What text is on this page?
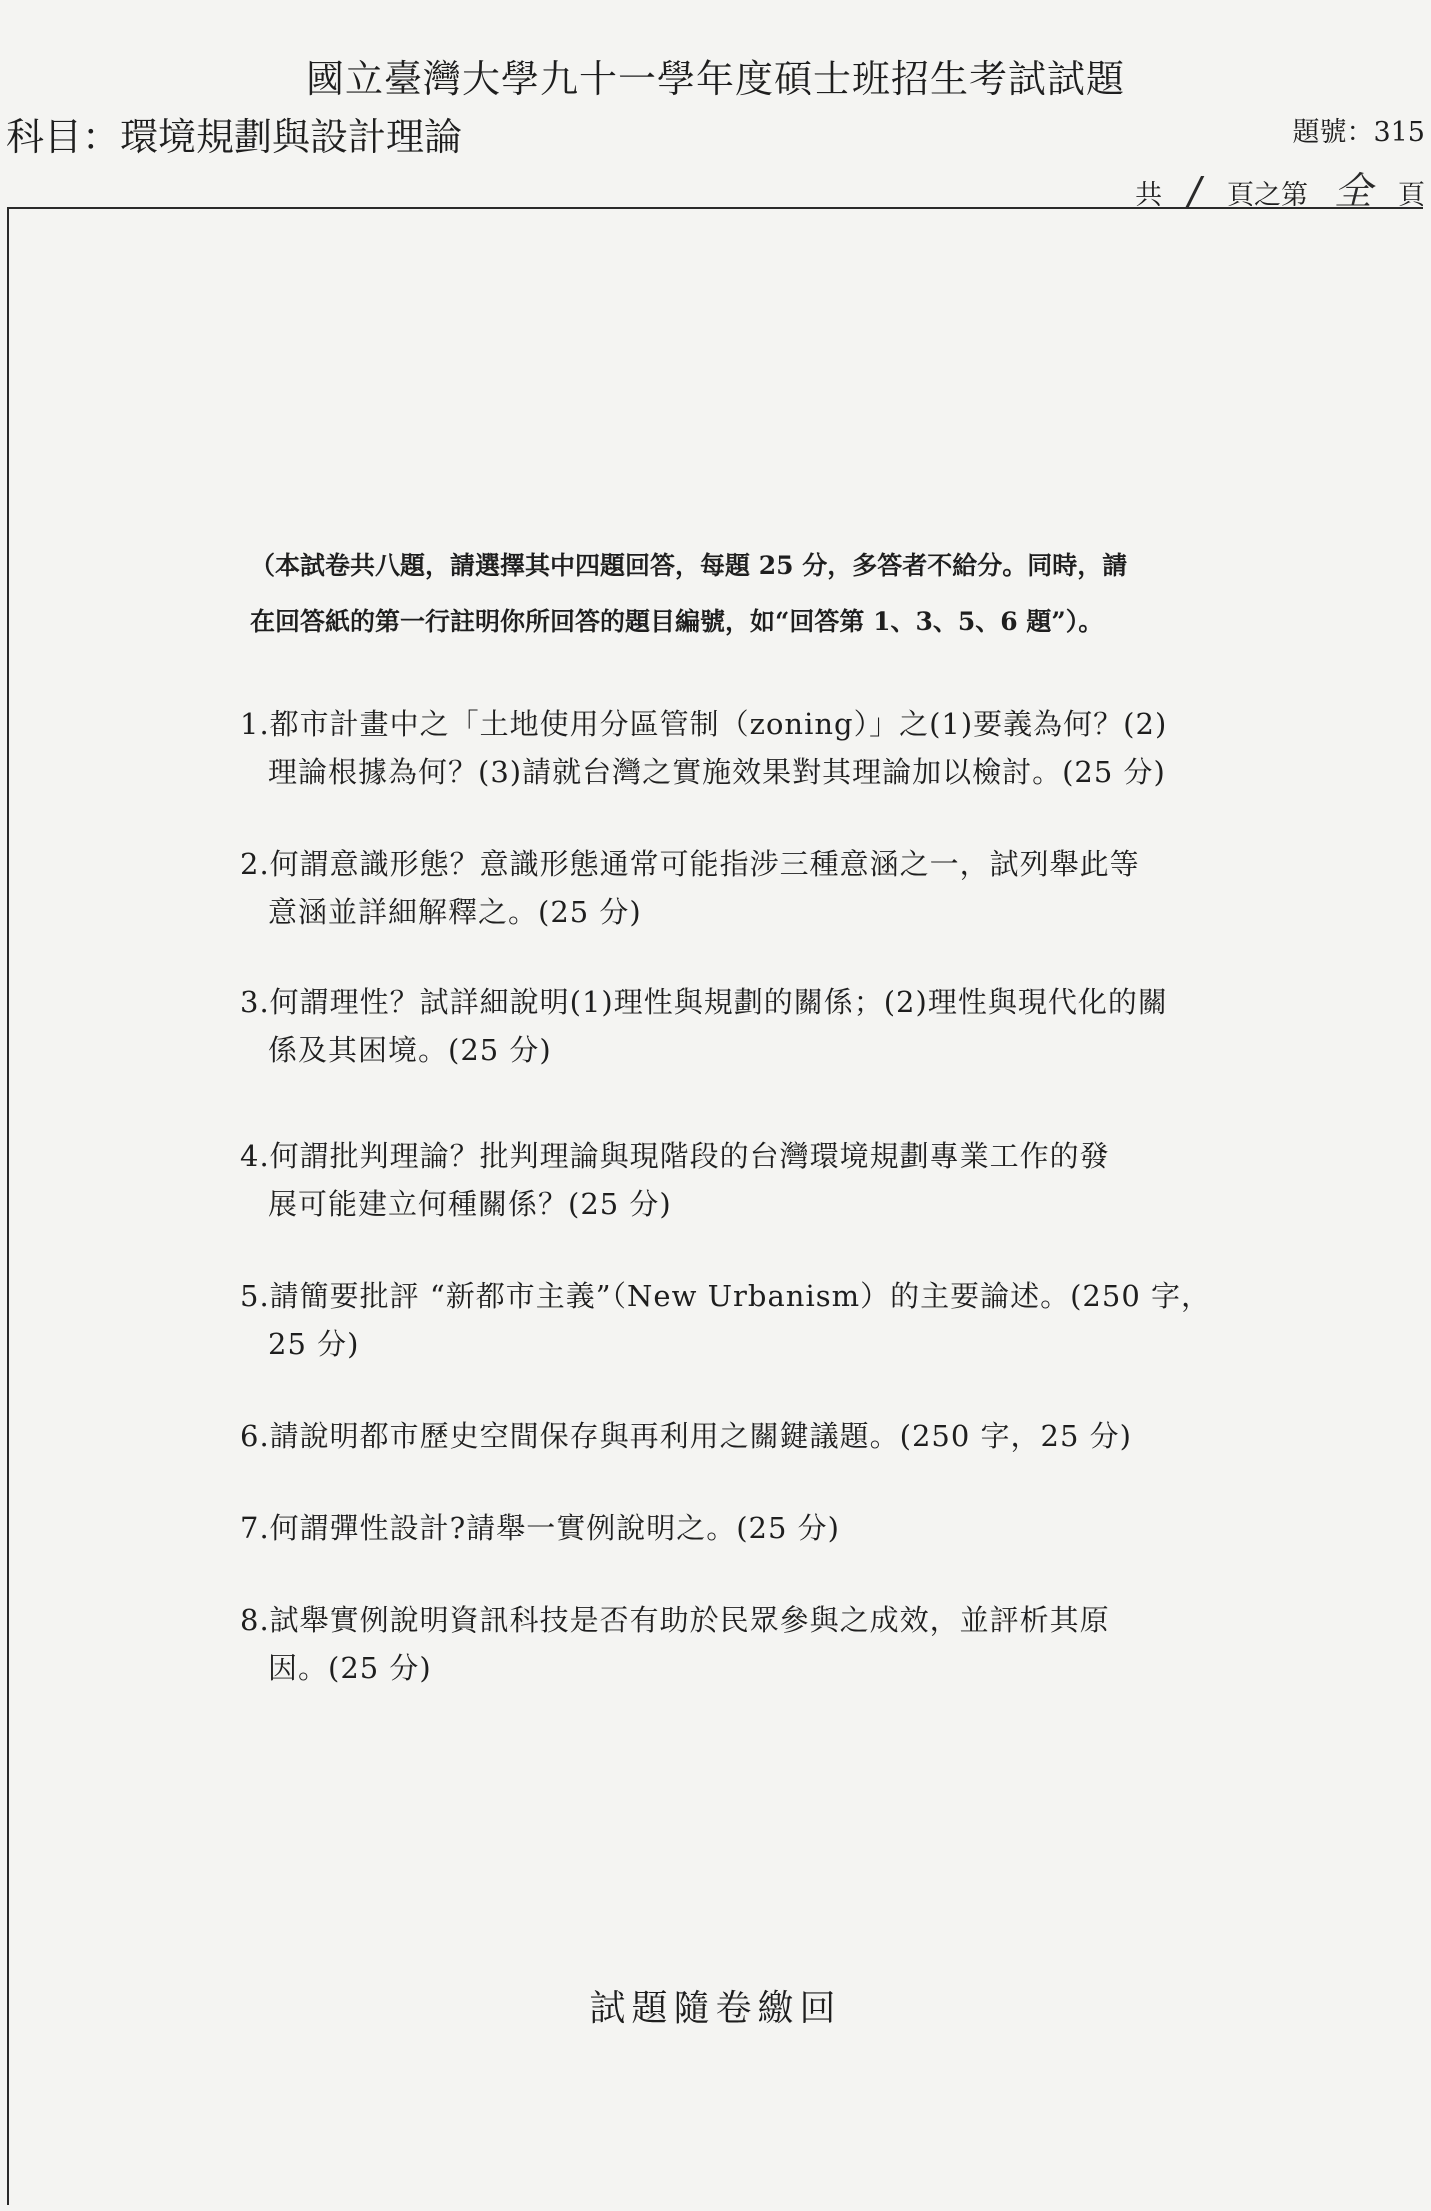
國立臺灣大學九十一學年度碩士班招生考試試題
科目：環境規劃與設計理論	題號：315
共 / 頁之第 全 頁
（本試卷共八題，請選擇其中四題回答，每題 25 分，多答者不給分。同時，請
在回答紙的第一行註明你所回答的題目編號，如“回答第 1、3、5、6 題”）。
1.都市計畫中之「土地使用分區管制（zoning）」之(1)要義為何？(2)
理論根據為何？(3)請就台灣之實施效果對其理論加以檢討。(25 分)
2.何謂意識形態？意識形態通常可能指涉三種意涵之一，試列舉此等
意涵並詳細解釋之。(25 分)
3.何謂理性？試詳細說明(1)理性與規劃的關係；(2)理性與現代化的關
係及其困境。(25 分)
4.何謂批判理論？批判理論與現階段的台灣環境規劃專業工作的發
展可能建立何種關係？(25 分)
5.請簡要批評 “新都市主義”（New Urbanism）的主要論述。(250 字，
25 分)
6.請說明都市歷史空間保存與再利用之關鍵議題。(250 字，25 分)
7.何謂彈性設計?請舉一實例說明之。(25 分)
8.試舉實例說明資訊科技是否有助於民眾參與之成效，並評析其原
因。(25 分)
試題隨卷繳回
